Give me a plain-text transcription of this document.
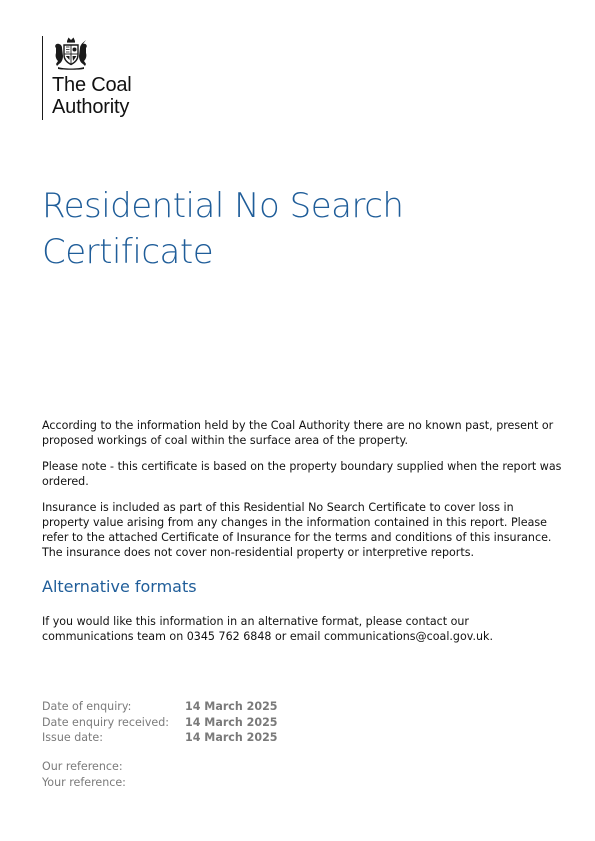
The Coal
Authority
Residential No Search
Certificate

According to the information held by the Coal Authority there are no known past, present or proposed workings of coal within the surface area of the property.

Please note - this certificate is based on the property boundary supplied when the report was ordered.

Insurance is included as part of this Residential No Search Certificate to cover loss in property value arising from any changes in the information contained in this report. Please refer to the attached Certificate of Insurance for the terms and conditions of this insurance. The insurance does not cover non-residential property or interpretive reports.

Alternative formats

If you would like this information in an alternative format, please contact our communications team on 0345 762 6848 or email communications@coal.gov.uk.

Date of enquiry:	14 March 2025
Date enquiry received: 14 March 2025
Issue date:	14 March 2025
Our reference:
Your reference:
